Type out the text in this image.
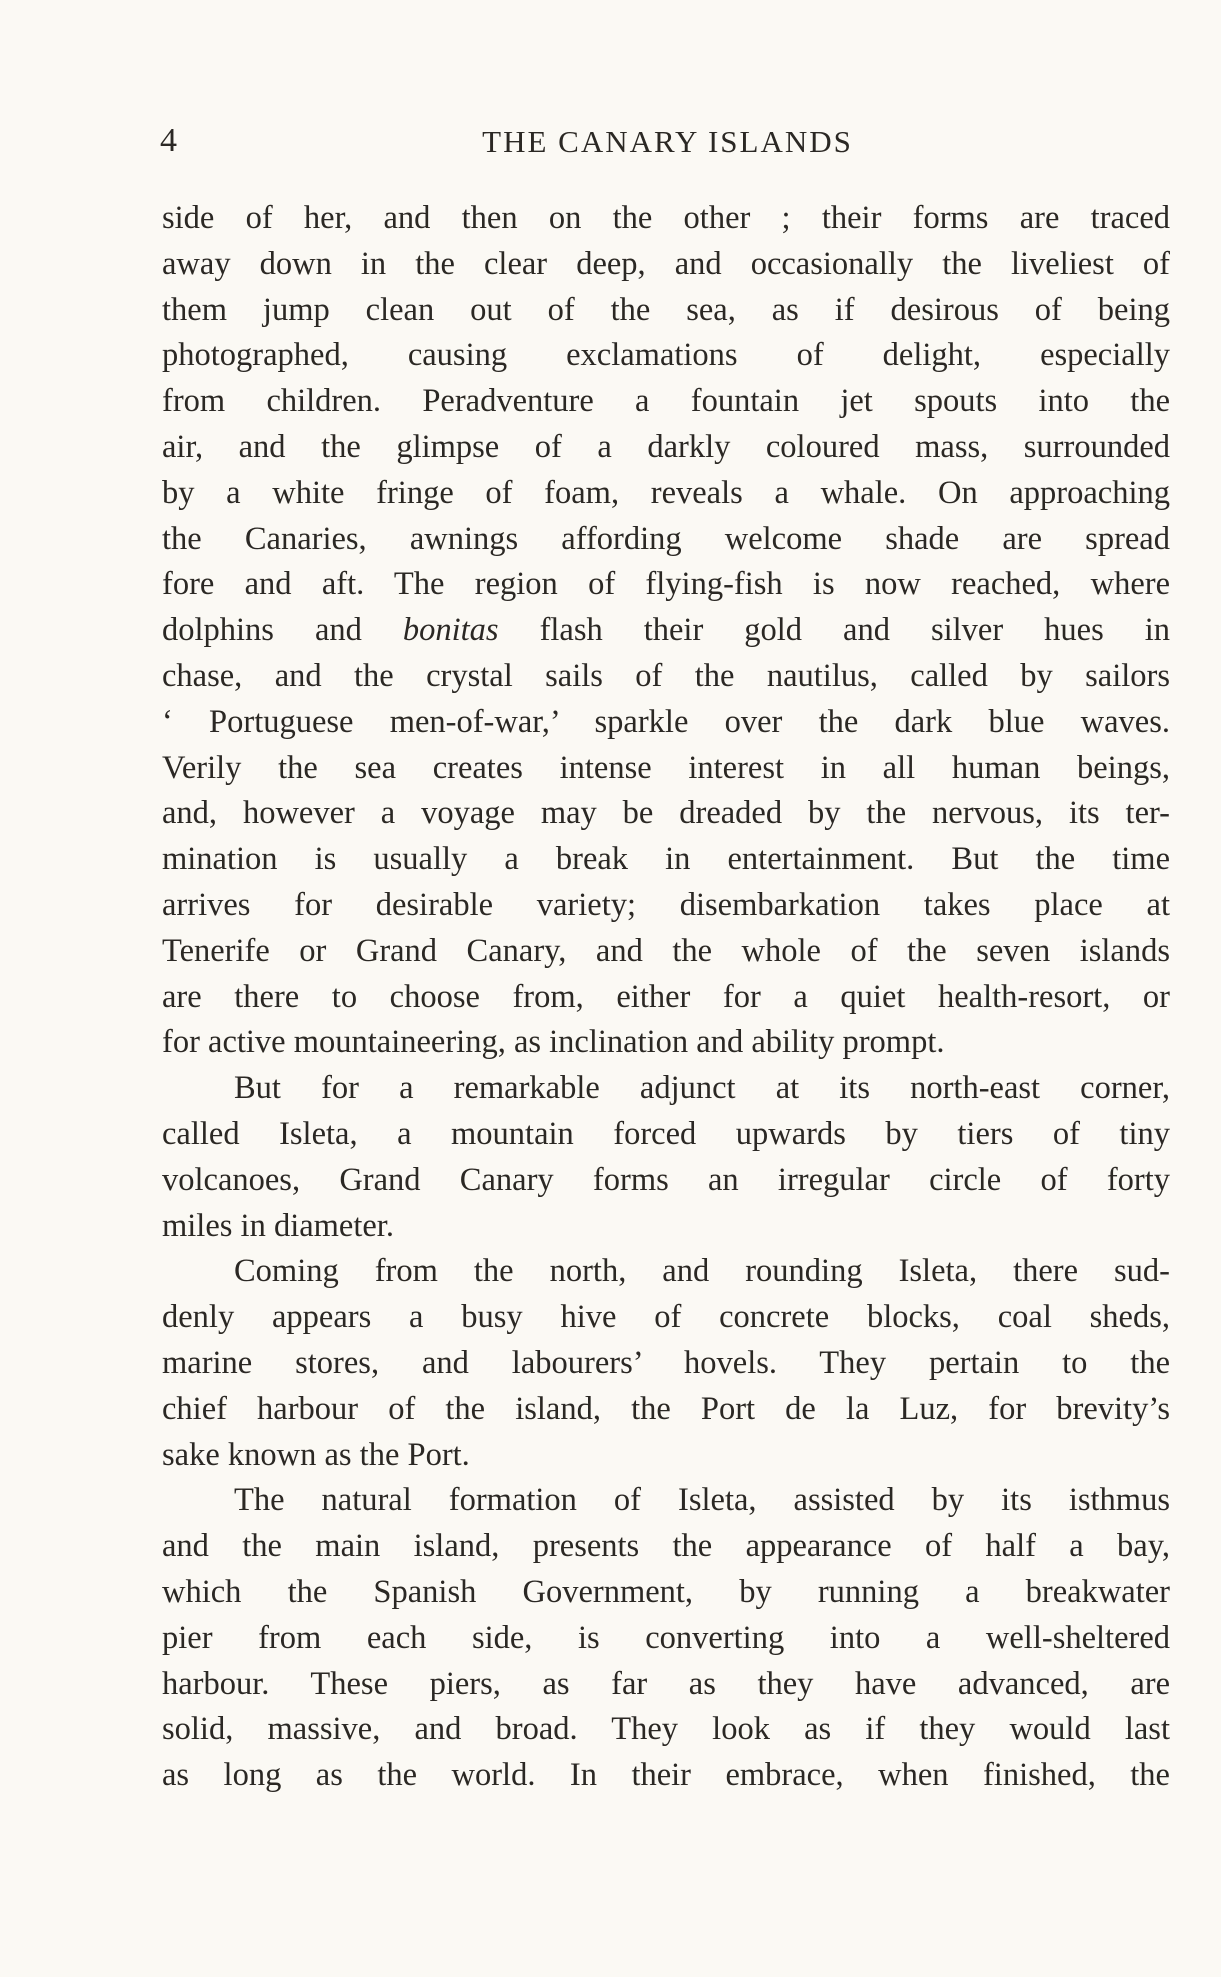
4	THE CANARY ISLANDS
side of her, and then on the other ; their forms are traced
away down in the clear deep, and occasionally the liveliest of
them jump clean out of the sea, as if desirous of being
photographed, causing exclamations of delight, especially
from children. Peradventure a fountain jet spouts into the
air, and the glimpse of a darkly coloured mass, surrounded
by a white fringe of foam, reveals a whale. On approaching
the Canaries, awnings affording welcome shade are spread
fore and aft. The region of flying-fish is now reached, where
dolphins and bonitas flash their gold and silver hues in
chase, and the crystal sails of the nautilus, called by sailors
‘ Portuguese men-of-war,’ sparkle over the dark blue waves.
Verily the sea creates intense interest in all human beings,
and, however a voyage may be dreaded by the nervous, its ter-
mination is usually a break in entertainment. But the time
arrives for desirable variety; disembarkation takes place at
Tenerife or Grand Canary, and the whole of the seven islands
are there to choose from, either for a quiet health-resort, or
for active mountaineering, as inclination and ability prompt.
But for a remarkable adjunct at its north-east corner,
called Isleta, a mountain forced upwards by tiers of tiny
volcanoes, Grand Canary forms an irregular circle of forty
miles in diameter.
Coming from the north, and rounding Isleta, there sud-
denly appears a busy hive of concrete blocks, coal sheds,
marine stores, and labourers’ hovels. They pertain to the
chief harbour of the island, the Port de la Luz, for brevity’s
sake known as the Port.
The natural formation of Isleta, assisted by its isthmus
and the main island, presents the appearance of half a bay,
which the Spanish Government, by running a breakwater
pier from each side, is converting into a well-sheltered
harbour. These piers, as far as they have advanced, are
solid, massive, and broad. They look as if they would last
as long as the world. In their embrace, when finished, the
